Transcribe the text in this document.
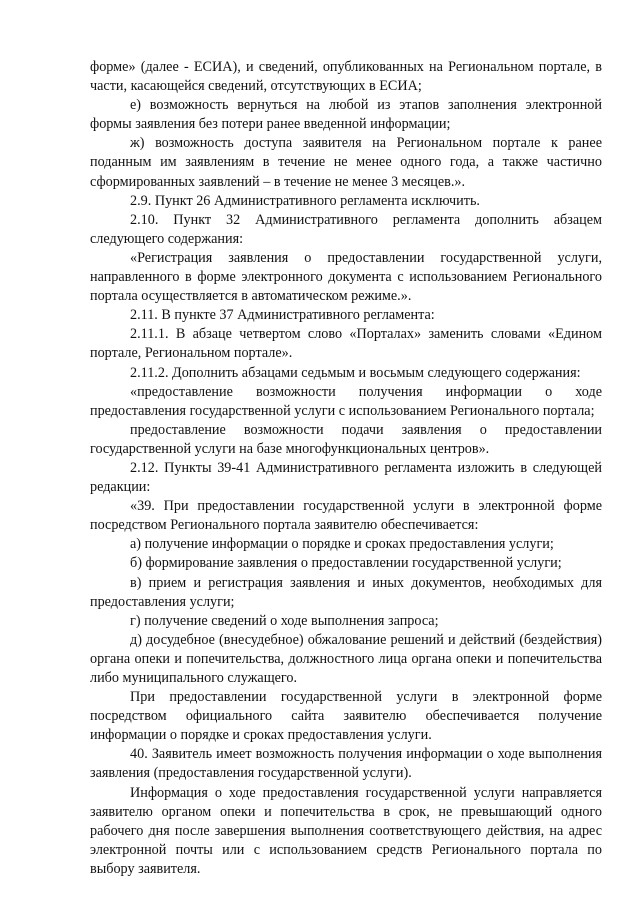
форме» (далее - ЕСИА), и сведений, опубликованных на Региональном портале, в части, касающейся сведений, отсутствующих в ЕСИА;

е) возможность вернуться на любой из этапов заполнения электронной формы заявления без потери ранее введенной информации;

ж) возможность доступа заявителя на Региональном портале к ранее поданным им заявлениям в течение не менее одного года, а также частично сформированных заявлений – в течение не менее 3 месяцев.».

2.9. Пункт 26 Административного регламента исключить.

2.10. Пункт 32 Административного регламента дополнить абзацем следующего содержания:

«Регистрация заявления о предоставлении государственной услуги, направленного в форме электронного документа с использованием Регионального портала осуществляется в автоматическом режиме.».

2.11. В пункте 37 Административного регламента:

2.11.1. В абзаце четвертом слово «Порталах» заменить словами «Едином портале, Региональном портале».

2.11.2. Дополнить абзацами седьмым и восьмым следующего содержания:

«предоставление возможности получения информации о ходе предоставления государственной услуги с использованием Регионального портала;

предоставление возможности подачи заявления о предоставлении государственной услуги на базе многофункциональных центров».

2.12. Пункты 39-41 Административного регламента изложить в следующей редакции:

«39. При предоставлении государственной услуги в электронной форме посредством Регионального портала заявителю обеспечивается:

а) получение информации о порядке и сроках предоставления услуги;

б) формирование заявления о предоставлении государственной услуги;

в) прием и регистрация заявления и иных документов, необходимых для предоставления услуги;

г) получение сведений о ходе выполнения запроса;

д) досудебное (внесудебное) обжалование решений и действий (бездействия) органа опеки и попечительства, должностного лица органа опеки и попечительства либо муниципального служащего.

При предоставлении государственной услуги в электронной форме посредством официального сайта заявителю обеспечивается получение информации о порядке и сроках предоставления услуги.

40. Заявитель имеет возможность получения информации о ходе выполнения заявления (предоставления государственной услуги).

Информация о ходе предоставления государственной услуги направляется заявителю органом опеки и попечительства в срок, не превышающий одного рабочего дня после завершения выполнения соответствующего действия, на адрес электронной почты или с использованием средств Регионального портала по выбору заявителя.
